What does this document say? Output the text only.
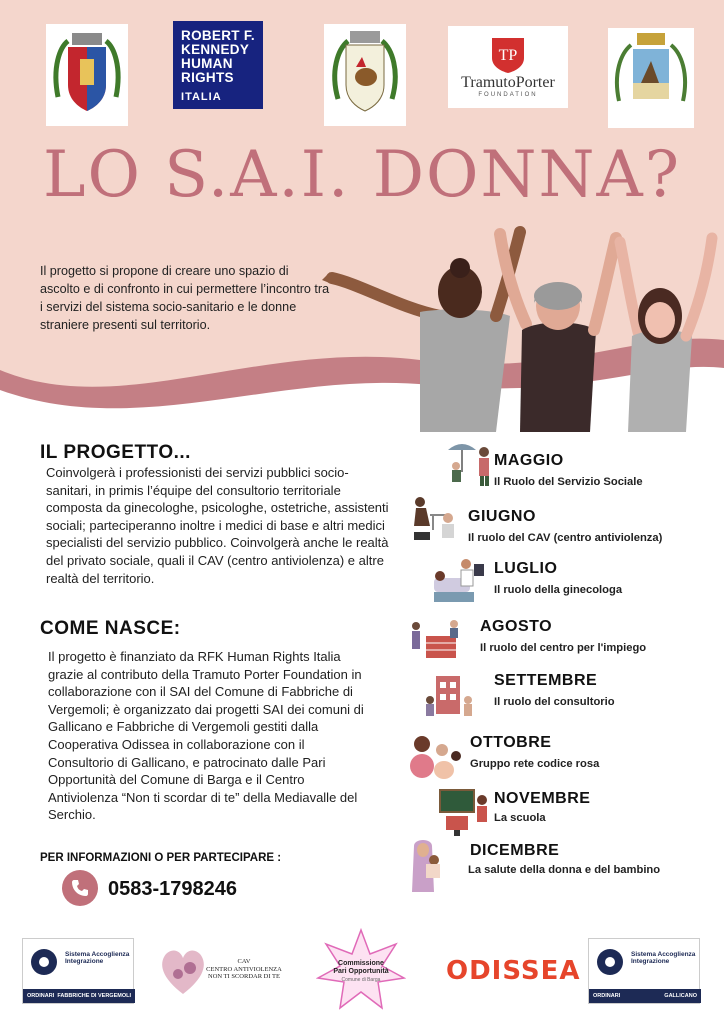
ROBERT F.
KENNEDY
HUMAN
RIGHTS
ITALIA
TP
TramutoPorter
FOUNDATION
LO S.A.I. DONNA?
Il progetto si propone di creare uno spazio di ascolto e di confronto in cui permettere l’incontro tra i servizi del sistema socio-sanitario e le donne straniere presenti sul territorio.
IL PROGETTO...
Coinvolgerà i professionisti dei servizi pubblici socio-sanitari, in primis l’équipe del consultorio territoriale composta da ginecologhe, psicologhe, ostetriche, assistenti sociali; parteciperanno inoltre i medici di base e altri medici specialisti del servizio pubblico. Coinvolgerà anche le realtà del privato sociale, quali il CAV (centro antiviolenza) e altre realtà del territorio.
COME NASCE:
Il progetto è finanziato da RFK Human Rights Italia grazie al contributo della Tramuto Porter Foundation in collaborazione con il SAI del Comune di Fabbriche di Vergemoli; è organizzato dai progetti SAI dei comuni di Gallicano e Fabbriche di Vergemoli gestiti dalla Cooperativa Odissea in collaborazione con il Consultorio di Gallicano, e patrocinato dalle Pari Opportunità del Comune di Barga e il Centro Antiviolenza “Non ti scordar di te” della Mediavalle del Serchio.
PER INFORMAZIONI O PER PARTECIPARE :
0583-1798246
MAGGIO
Il Ruolo del Servizio Sociale
GIUGNO
Il ruolo del CAV (centro antiviolenza)
LUGLIO
Il ruolo della ginecologa
AGOSTO
Il ruolo del centro per l'impiego
SETTEMBRE
Il ruolo del consultorio
OTTOBRE
Gruppo rete codice rosa
NOVEMBRE
La scuola
DICEMBRE
La salute della donna e del bambino
Sistema Accoglienza Integrazione
ORDINARI FABBRICHE DI VERGEMOLI
CAV
CENTRO ANTIVIOLENZA
NON TI SCORDAR DI TE
Commissione
Pari Opportunità
Comune di Barga	ODISSEA
Sistema Accoglienza Integrazione
ORDINARI	GALLICANO
